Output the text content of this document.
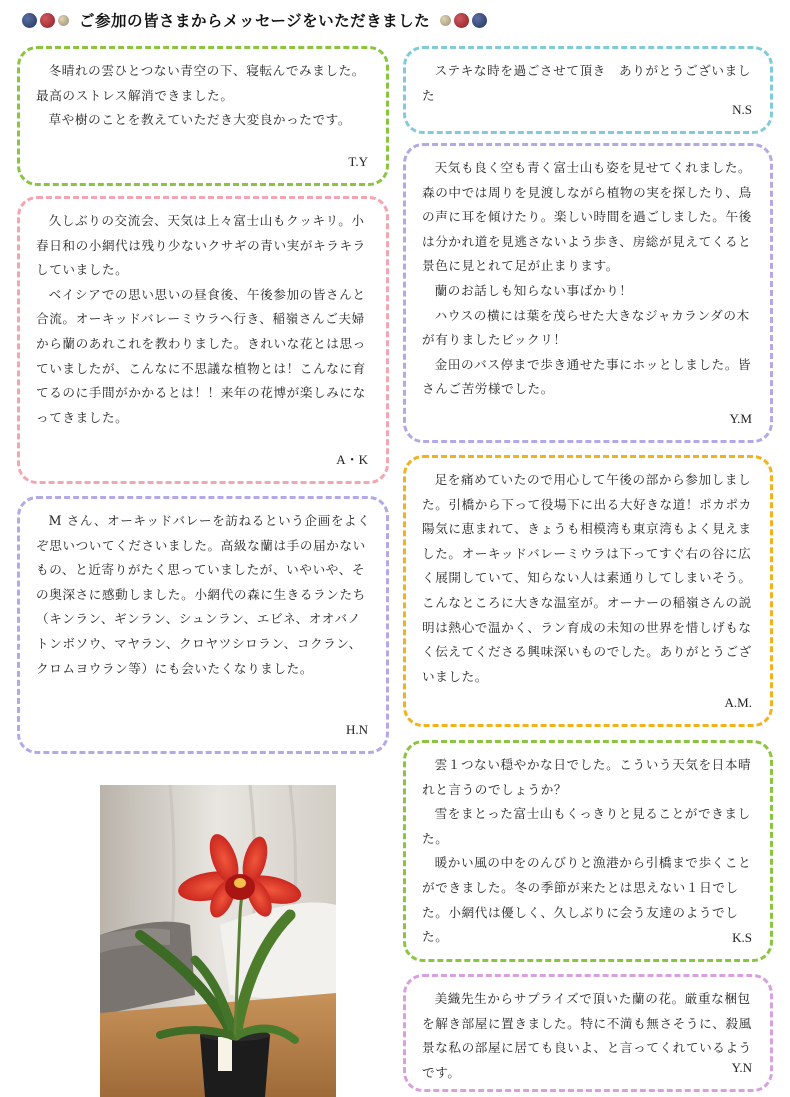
ご参加の皆さまからメッセージをいただきました

冬晴れの雲ひとつない青空の下、寝転んでみました。最高のストレス解消できました。

草や樹のことを教えていただき大変良かったです。

T.Y

久しぶりの交流会、天気は上々富士山もクッキリ。小春日和の小網代は残り少ないクサギの青い実がキラキラしていました。

ベイシアでの思い思いの昼食後、午後参加の皆さんと合流。オーキッドバレーミウラへ行き、稲嶺さんご夫婦から蘭のあれこれを教わりました。きれいな花とは思っていましたが、こんなに不思議な植物とは！こんなに育てるのに手間がかかるとは！！来年の花博が楽しみになってきました。

A・K

M さん、オーキッドバレーを訪ねるという企画をよくぞ思いついてくださいました。高級な蘭は手の届かないもの、と近寄りがたく思っていましたが、いやいや、その奥深さに感動しました。小網代の森に生きるランたち（キンラン、ギンラン、シュンラン、エビネ、オオバノトンボソウ、マヤラン、クロヤツシロラン、コクラン、クロムヨウラン等）にも会いたくなりました。

H.N

ステキな時を過ごさせて頂き　ありがとうございました

N.S

天気も良く空も青く富士山も姿を見せてくれました。森の中では周りを見渡しながら植物の実を探したり、鳥の声に耳を傾けたり。楽しい時間を過ごしました。午後は分かれ道を見逃さないよう歩き、房総が見えてくると景色に見とれて足が止まります。

蘭のお話しも知らない事ばかり！

ハウスの横には葉を茂らせた大きなジャカランダの木が有りましたビックリ！

金田のバス停まで歩き通せた事にホッとしました。皆さんご苦労様でした。

Y.M

足を痛めていたので用心して午後の部から参加しました。引橋から下って役場下に出る大好きな道！ポカポカ陽気に恵まれて、きょうも相模湾も東京湾もよく見えました。オーキッドバレーミウラは下ってすぐ右の谷に広く展開していて、知らない人は素通りしてしまいそう。こんなところに大きな温室が。オーナーの稲嶺さんの説明は熱心で温かく、ラン育成の未知の世界を惜しげもなく伝えてくださる興味深いものでした。ありがとうございました。

A.M.

雲１つない穏やかな日でした。こういう天気を日本晴れと言うのでしょうか？

雪をまとった富士山もくっきりと見ることができました。

暖かい風の中をのんびりと漁港から引橋まで歩くことができました。冬の季節が来たとは思えない１日でした。小網代は優しく、久しぶりに会う友達のようでした。	K.S

美織先生からサプライズで頂いた蘭の花。厳重な梱包を解き部屋に置きました。特に不満も無さそうに、殺風景な私の部屋に居ても良いよ、と言ってくれているようです。	Y.N
